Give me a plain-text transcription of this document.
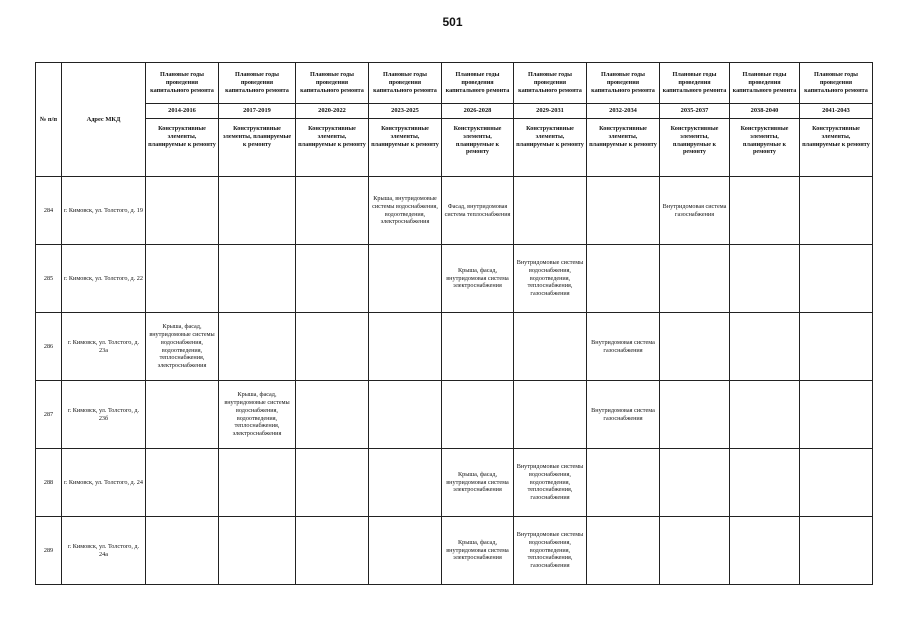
501
№ п/п	Адрес МКД	Плановые годы проведения капитального ремонта	Плановые годы проведения капитального ремонта	Плановые годы проведения капитального ремонта	Плановые годы проведения капитального ремонта	Плановые годы проведения капитального ремонта	Плановые годы проведения капитального ремонта	Плановые годы проведения капитального ремонта	Плановые годы проведения капитального ремонта	Плановые годы проведения капитального ремонта	Плановые годы проведения капитального ремонта
		2014-2016	2017-2019	2020-2022	2023-2025	2026-2028	2029-2031	2032-2034	2035-2037	2038-2040	2041-2043
		Конструктивные элементы, планируемые к ремонту	Конструктивные элементы, планируемые к ремонту	Конструктивные элементы, планируемые к ремонту	Конструктивные элементы, планируемые к ремонту	Конструктивные элементы, планируемые к ремонту	Конструктивные элементы, планируемые к ремонту	Конструктивные элементы, планируемые к ремонту	Конструктивные элементы, планируемые к ремонту	Конструктивные элементы, планируемые к ремонту	Конструктивные элементы, планируемые к ремонту
284	г. Кимовск, ул. Толстого, д. 19				Крыша, внутридомовые системы водоснабжения, водоотведения, электроснабжения	Фасад, внутридомовая система теплоснабжения			Внутридомовая система газоснабжения		
285	г. Кимовск, ул. Толстого, д. 22					Крыша, фасад, внутридомовая система электроснабжения	Внутридомовые системы водоснабжения, водоотведения, теплоснабжения, газоснабжения				
286	г. Кимовск, ул. Толстого, д. 23а	Крыша, фасад, внутридомовые системы водоснабжения, водоотведения, теплоснабжения, электроснабжения						Внутридомовая система газоснабжения			
287	г. Кимовск, ул. Толстого, д. 23б		Крыша, фасад, внутридомовые системы водоснабжения, водоотведения, теплоснабжения, электроснабжения					Внутридомовая система газоснабжения			
288	г. Кимовск, ул. Толстого, д. 24					Крыша, фасад, внутридомовая система электроснабжения	Внутридомовые системы водоснабжения, водоотведения, теплоснабжения, газоснабжения				
289	г. Кимовск, ул. Толстого, д. 24а					Крыша, фасад, внутридомовая система электроснабжения	Внутридомовые системы водоснабжения, водоотведения, теплоснабжения, газоснабжения				
